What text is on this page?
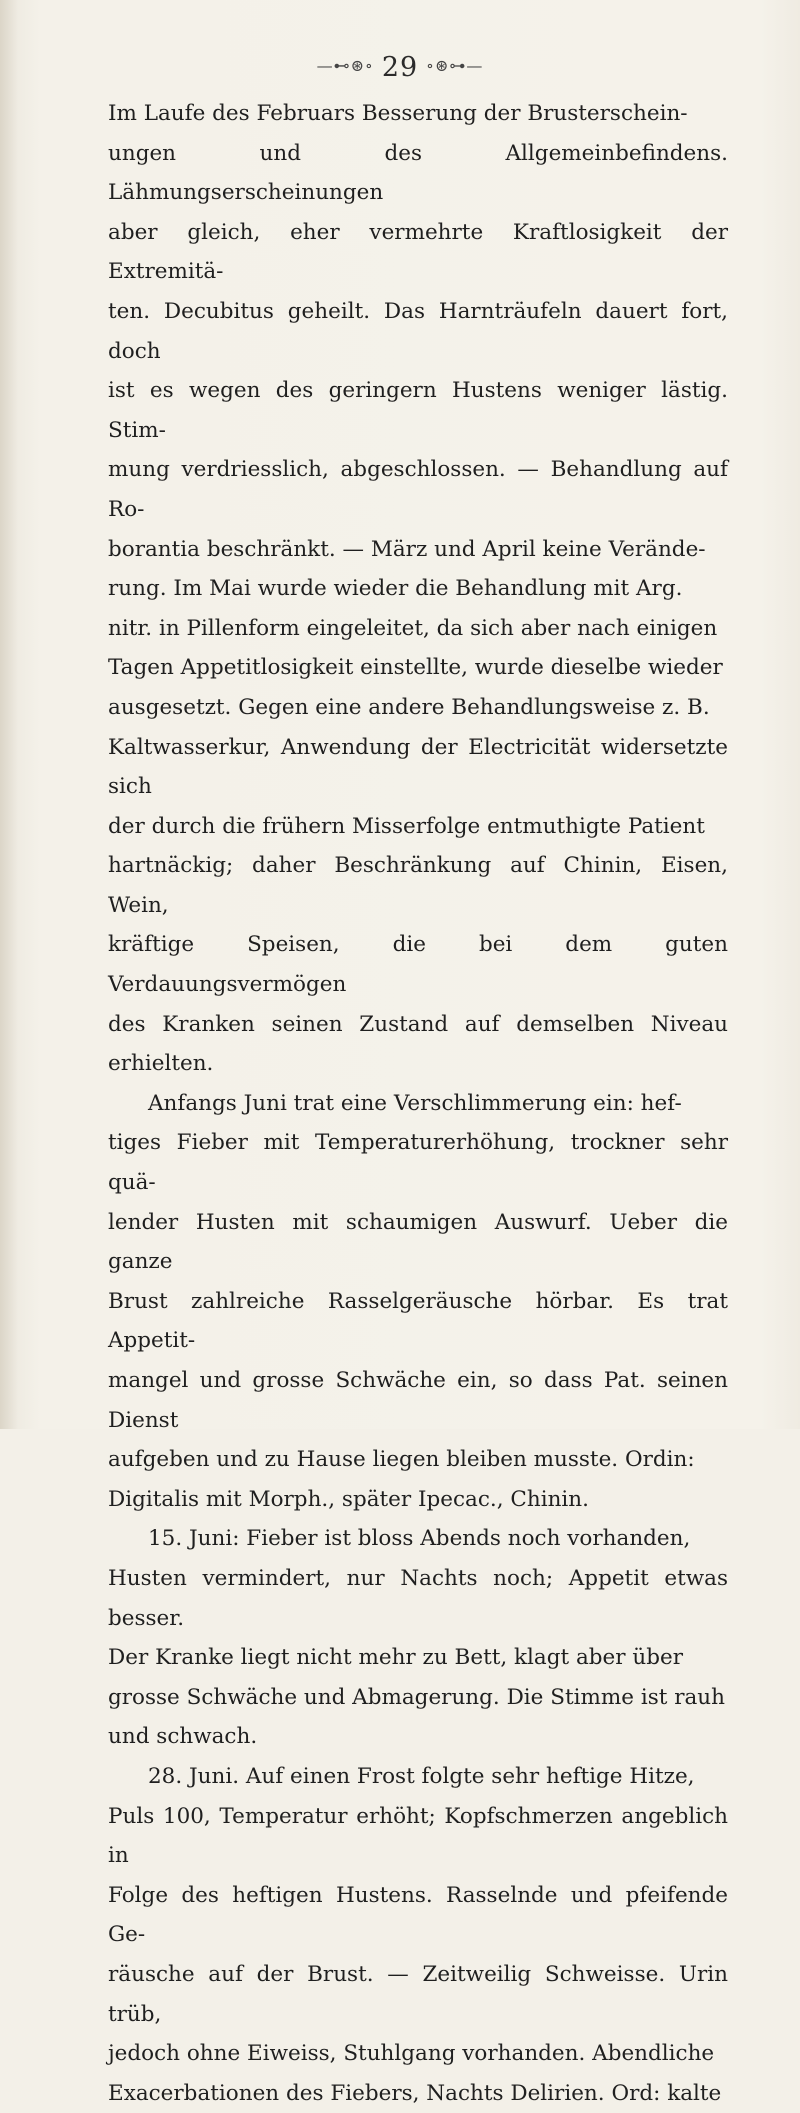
—⊷⊛∘ 29 ∘⊛⊶—

Im Laufe des Februars Besserung der Brusterschein-
ungen und des Allgemeinbefindens. Lähmungserscheinungen
aber gleich, eher vermehrte Kraftlosigkeit der Extremitä-
ten. Decubitus geheilt. Das Harnträufeln dauert fort, doch
ist es wegen des geringern Hustens weniger lästig. Stim-
mung verdriesslich, abgeschlossen. — Behandlung auf Ro-
borantia beschränkt. — März und April keine Verände-
rung. Im Mai wurde wieder die Behandlung mit Arg.
nitr. in Pillenform eingeleitet, da sich aber nach einigen
Tagen Appetitlosigkeit einstellte, wurde dieselbe wieder
ausgesetzt. Gegen eine andere Behandlungsweise z. B.
Kaltwasserkur, Anwendung der Electricität widersetzte sich
der durch die frühern Misserfolge entmuthigte Patient
hartnäckig; daher Beschränkung auf Chinin, Eisen, Wein,
kräftige Speisen, die bei dem guten Verdauungsvermögen
des Kranken seinen Zustand auf demselben Niveau erhielten.

Anfangs Juni trat eine Verschlimmerung ein: hef-
tiges Fieber mit Temperaturerhöhung, trockner sehr quä-
lender Husten mit schaumigen Auswurf. Ueber die ganze
Brust zahlreiche Rasselgeräusche hörbar. Es trat Appetit-
mangel und grosse Schwäche ein, so dass Pat. seinen Dienst
aufgeben und zu Hause liegen bleiben musste. Ordin:
Digitalis mit Morph., später Ipecac., Chinin.

15. Juni: Fieber ist bloss Abends noch vorhanden,
Husten vermindert, nur Nachts noch; Appetit etwas besser.
Der Kranke liegt nicht mehr zu Bett, klagt aber über
grosse Schwäche und Abmagerung. Die Stimme ist rauh
und schwach.

28. Juni. Auf einen Frost folgte sehr heftige Hitze,
Puls 100, Temperatur erhöht; Kopfschmerzen angeblich in
Folge des heftigen Hustens. Rasselnde und pfeifende Ge-
räusche auf der Brust. — Zeitweilig Schweisse. Urin trüb,
jedoch ohne Eiweiss, Stuhlgang vorhanden. Abendliche
Exacerbationen des Fiebers, Nachts Delirien. Ord: kalte
